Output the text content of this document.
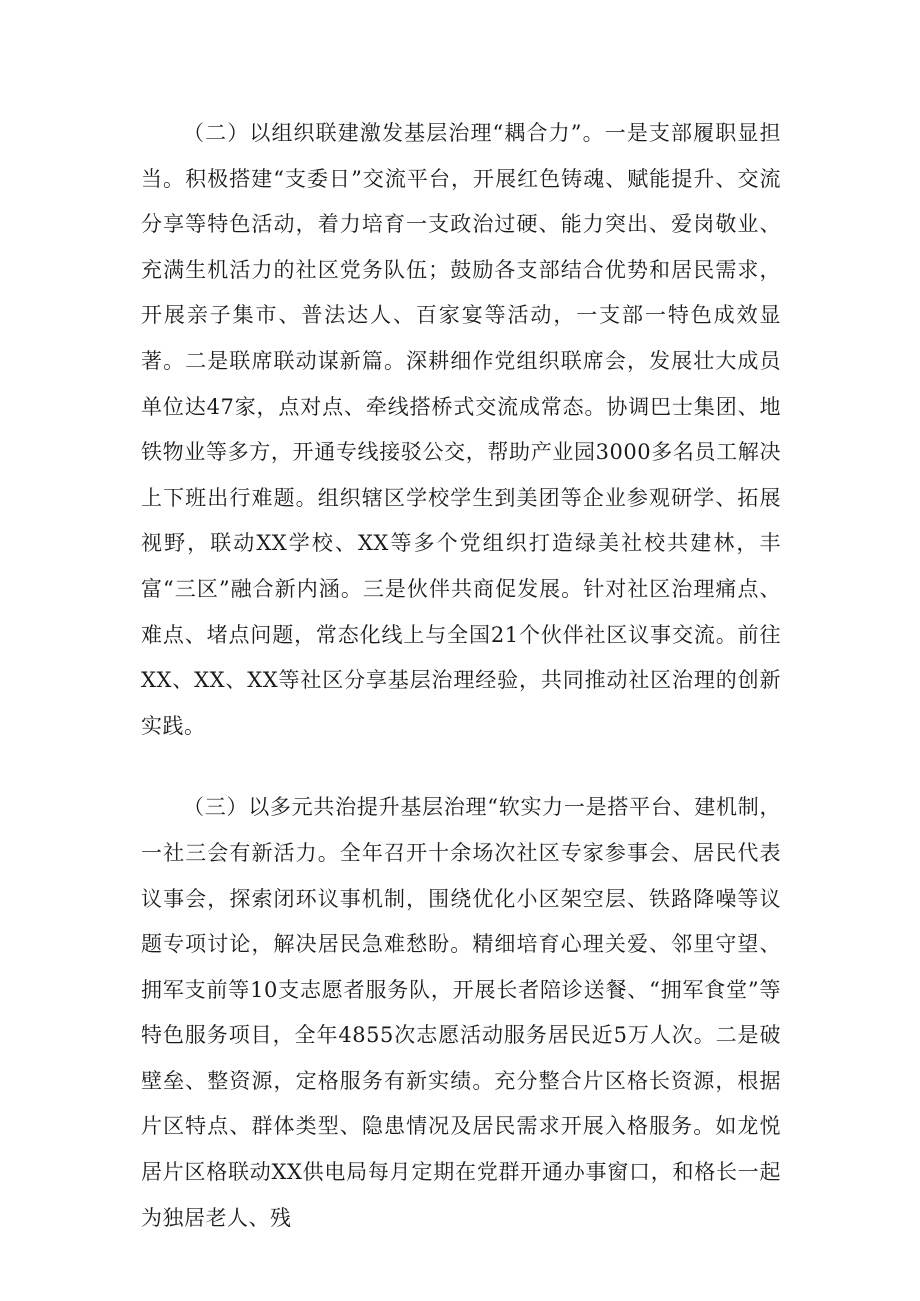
（二）以组织联建激发基层治理“耦合力”。一是支部履职显担当。积极搭建“支委日”交流平台，开展红色铸魂、赋能提升、交流分享等特色活动，着力培育一支政治过硬、能力突出、爱岗敬业、充满生机活力的社区党务队伍；鼓励各支部结合优势和居民需求，开展亲子集市、普法达人、百家宴等活动，一支部一特色成效显著。二是联席联动谋新篇。深耕细作党组织联席会，发展壮大成员单位达47家，点对点、牵线搭桥式交流成常态。协调巴士集团、地铁物业等多方，开通专线接驳公交，帮助产业园3000多名员工解决上下班出行难题。组织辖区学校学生到美团等企业参观研学、拓展视野，联动XX学校、XX等多个党组织打造绿美社校共建林，丰富“三区”融合新内涵。三是伙伴共商促发展。针对社区治理痛点、难点、堵点问题，常态化线上与全国21个伙伴社区议事交流。前往XX、XX、XX等社区分享基层治理经验，共同推动社区治理的创新实践。

（三）以多元共治提升基层治理“软实力一是搭平台、建机制，一社三会有新活力。全年召开十余场次社区专家参事会、居民代表议事会，探索闭环议事机制，围绕优化小区架空层、铁路降噪等议题专项讨论，解决居民急难愁盼。精细培育心理关爱、邻里守望、拥军支前等10支志愿者服务队，开展长者陪诊送餐、“拥军食堂”等特色服务项目，全年4855次志愿活动服务居民近5万人次。二是破壁垒、整资源，定格服务有新实绩。充分整合片区格长资源，根据片区特点、群体类型、隐患情况及居民需求开展入格服务。如龙悦居片区格联动XX供电局每月定期在党群开通办事窗口，和格长一起为独居老人、残
